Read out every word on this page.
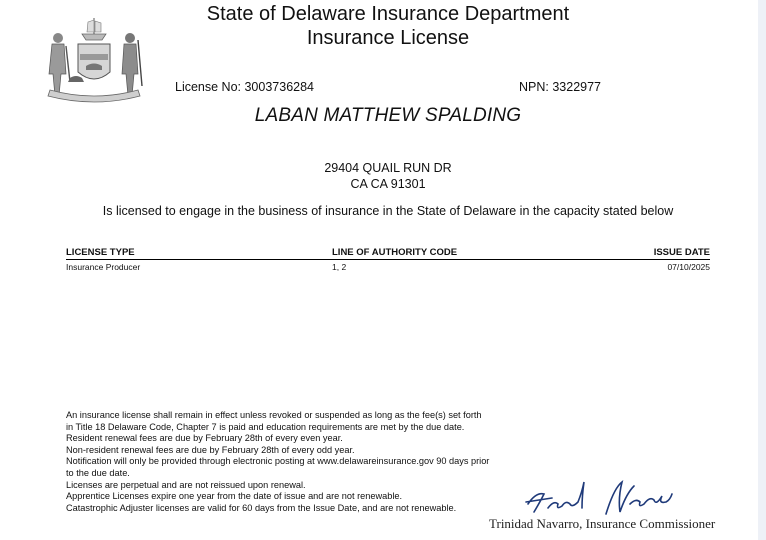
State of Delaware Insurance Department
Insurance License
License No: 3003736284	NPN: 3322977
LABAN MATTHEW SPALDING
29404 QUAIL RUN DR
CA CA 91301
Is licensed to engage in the business of insurance in the State of Delaware in the capacity stated below
LICENSE TYPE	LINE OF AUTHORITY CODE	ISSUE DATE
Insurance Producer	1, 2	07/10/2025
An insurance license shall remain in effect unless revoked or suspended as long as the fee(s) set forth in Title 18 Delaware Code, Chapter 7 is paid and education requirements are met by the due date.
Resident renewal fees are due by February 28th of every even year.
Non-resident renewal fees are due by February 28th of every odd year.
Notification will only be provided through electronic posting at www.delawareinsurance.gov 90 days prior to the due date.
Licenses are perpetual and are not reissued upon renewal.
Apprentice Licenses expire one year from the date of issue and are not renewable.
Catastrophic Adjuster licenses are valid for 60 days from the Issue Date, and are not renewable.
Trinidad Navarro, Insurance Commissioner
